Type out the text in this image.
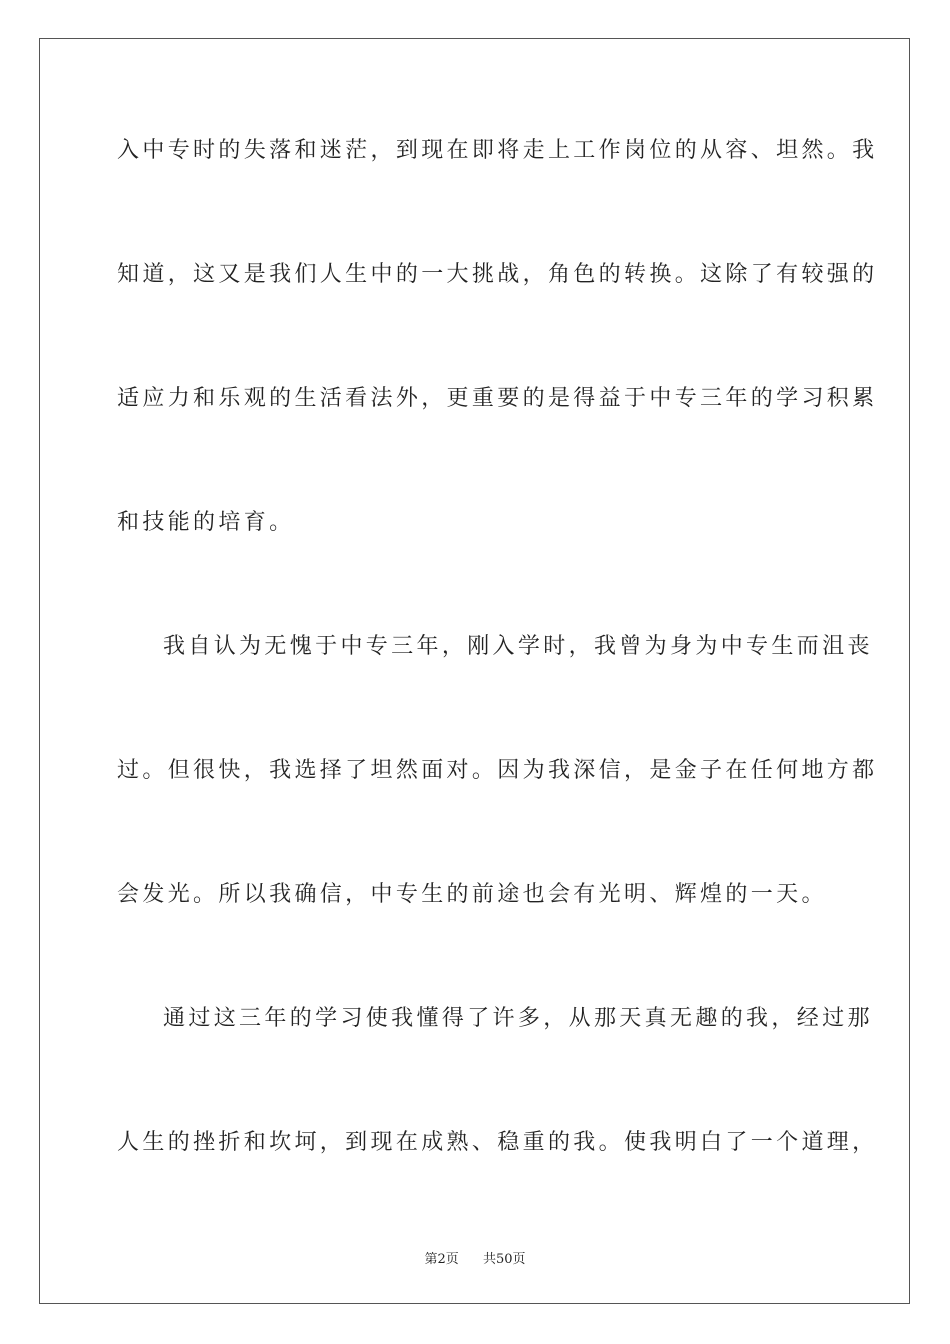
入中专时的失落和迷茫，到现在即将走上工作岗位的从容、坦然。我
知道，这又是我们人生中的一大挑战，角色的转换。这除了有较强的
适应力和乐观的生活看法外，更重要的是得益于中专三年的学习积累
和技能的培育。
我自认为无愧于中专三年，刚入学时，我曾为身为中专生而沮丧
过。但很快，我选择了坦然面对。因为我深信，是金子在任何地方都
会发光。所以我确信，中专生的前途也会有光明、辉煌的一天。
通过这三年的学习使我懂得了许多，从那天真无趣的我，经过那
人生的挫折和坎坷，到现在成熟、稳重的我。使我明白了一个道理，
第2页 共50页
